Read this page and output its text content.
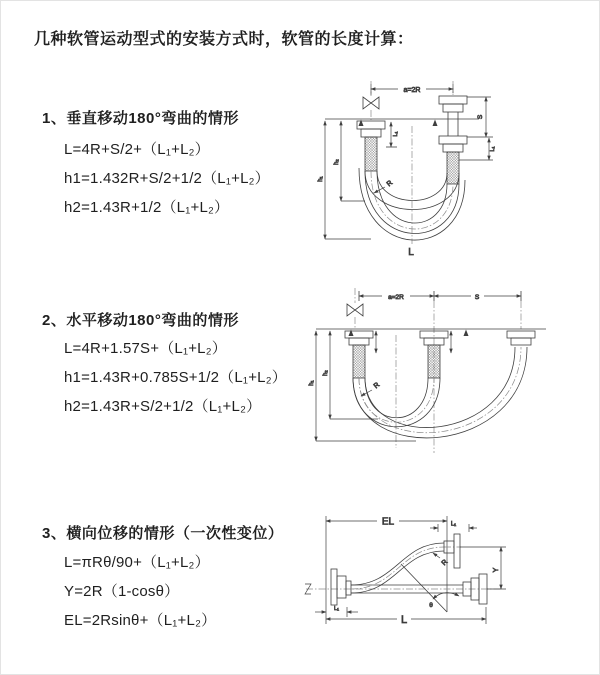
几种软管运动型式的安装方式时，软管的长度计算：
1、垂直移动180°弯曲的情形
L=4R+S/2+（L₁+L₂）
h1=1.432R+S/2+1/2（L₁+L₂）
h2=1.43R+1/2（L₁+L₂）
2、水平移动180°弯曲的情形
L=4R+1.57S+（L₁+L₂）
h1=1.43R+0.785S+1/2（L₁+L₂）
h2=1.43R+S/2+1/2（L₁+L₂）
3、横向位移的情形（一次性变位）
L=πRθ/90+（L₁+L₂）
Y=2R（1-cosθ）
EL=2Rsinθ+（L₁+L₂）
a=2R
L₁
S
L₁
h₁
h₂
R
L
a=2R	S
h₁
h₂
R
EL	L₁
Y
θ
R
L₁
L
